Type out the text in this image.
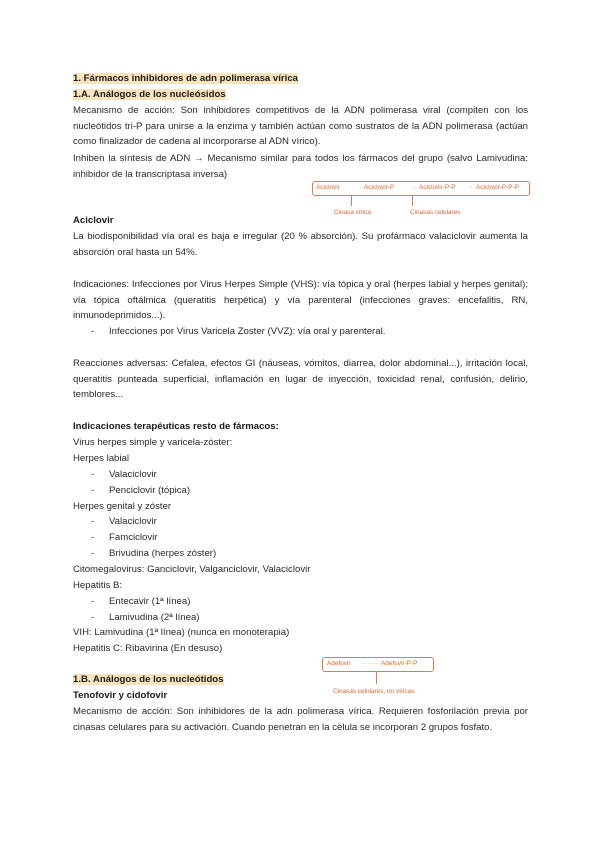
1. Fármacos inhibidores de adn polimerasa vírica
1.A. Análogos de los nucleósidos
Mecanismo de acción: Son inhibidores competitivos de la ADN polimerasa viral (compiten con los nucleótidos tri-P para unirse a la enzima y también actúan como sustratos de la ADN polimerasa (actúan como finalizador de cadena al incorporarse al ADN vírico).
Inhiben la síntesis de ADN → Mecanismo similar para todos los fármacos del grupo (salvo Lamivudina: inhibidor de la transcriptasa inversa)
Aciclovir	→ Aciclovir-P → Aciclovir-P-P → Aciclovir-P-P-P
Cinasa vírica	Cinasas celulares
Aciclovir
La biodisponibilidad vía oral es baja e irregular (20 % absorción). Su profármaco valaciclovir aumenta la absorción oral hasta un 54%.
Indicaciones: Infecciones por Virus Herpes Simple (VHS): vía tópica y oral (herpes labial y herpes genital); vía tópica oftálmica (queratitis herpética) y vía parenteral (infecciones graves: encefalitis, RN, inmunodeprimidos...).
- Infecciones por Virus Varicela Zoster (VVZ): vía oral y parenteral.
Reacciones adversas: Cefalea, efectos GI (náuseas, vómitos, diarrea, dolor abdominal...), irritación local, queratitis punteada superficial, inflamación en lugar de inyección, toxicidad renal, confusión, delirio, temblores...
Indicaciones terapéuticas resto de fármacos:
Virus herpes simple y varicela-zóster:
Herpes labial
- Valaciclovir
- Penciclovir (tópica)
Herpes genital y zóster
- Valaciclovir
- Famciclovir
- Brivudina (herpes zóster)
Citomegalovirus: Ganciclovir, Valganciclovir, Valaciclovir
Hepatitis B:
- Entecavir (1ª línea)
- Lamivudina (2ª línea)
VIH: Lamivudina (1ª línea) (nunca en monoterapia)
Hepatitis C: Ribavirina (En desuso)
Adefovir →→→ Adefovir-P-P
Cinasas celulares, no víricas
1.B. Análogos de los nucleótidos
Tenofovir y cidofovir
Mecanismo de acción: Son inhibidores de la adn polimerasa vírica. Requieren fosforilación previa por cinasas celulares para su activación. Cuando penetran en la célula se incorporan 2 grupos fosfato.
